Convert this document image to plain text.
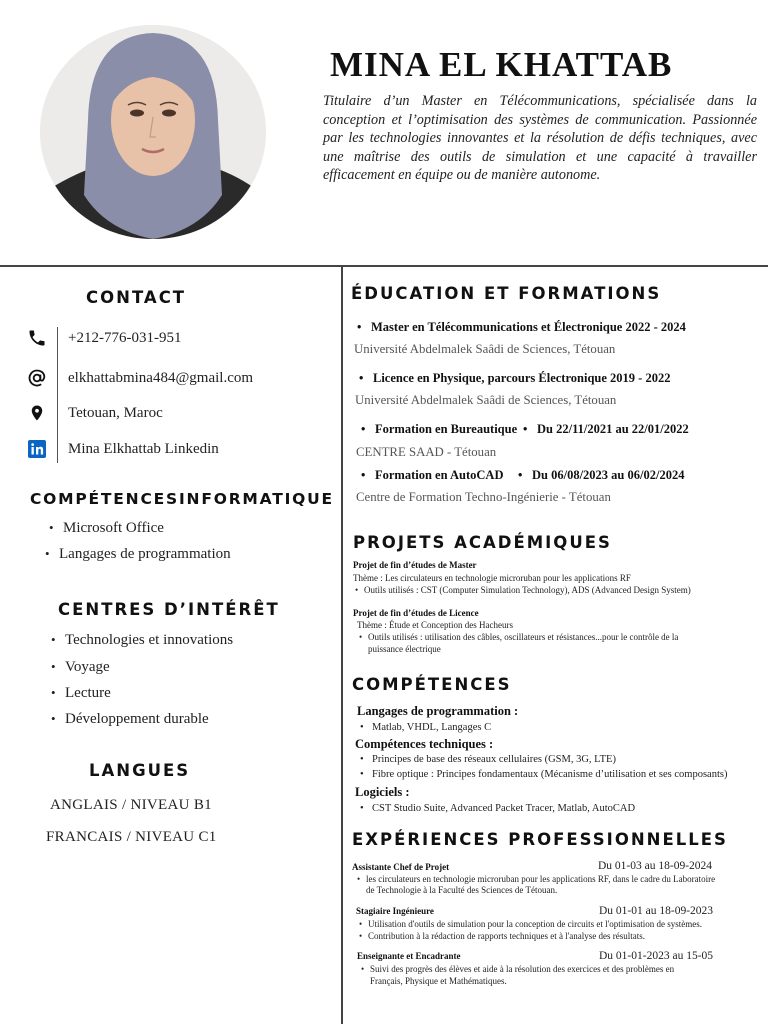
MINA EL KHATTAB
Titulaire d’un Master en Télécommunications, spécialisée dans la conception et l’optimisation des systèmes de communication. Passionnée par les technologies innovantes et la résolution de défis techniques, avec une maîtrise des outils de simulation et une capacité à travailler efficacement en équipe ou de manière autonome.
CONTACT
+212-776-031-951
elkhattabmina484@gmail.com
Tetouan, Maroc
Mina Elkhattab Linkedin
COMPÉTENCESINFORMATIQUE
• Microsoft Office
• Langages de programmation
CENTRES D’INTÉRÊT
• Technologies et innovations
• Voyage
• Lecture
• Développement durable
LANGUES
ANGLAIS / NIVEAU B1
FRANCAIS / NIVEAU C1
ÉDUCATION ET FORMATIONS
• Master en Télécommunications et Électronique 2022 - 2024
Université Abdelmalek Saâdi de Sciences, Tétouan
• Licence en Physique, parcours Électronique 2019 - 2022
Université Abdelmalek Saâdi de Sciences, Tétouan
• Formation en Bureautique • Du 22/11/2021 au 22/01/2022
CENTRE SAAD - Tétouan
• Formation en AutoCAD • Du 06/08/2023 au 06/02/2024
Centre de Formation Techno-Ingénierie - Tétouan
PROJETS ACADÉMIQUES
Projet de fin d’études de Master
Thème : Les circulateurs en technologie microruban pour les applications RF
• Outils utilisés : CST (Computer Simulation Technology), ADS (Advanced Design System)
Projet de fin d’études de Licence
Thème : Étude et Conception des Hacheurs
• Outils utilisés : utilisation des câbles, oscillateurs et résistances...pour le contrôle de la
puissance électrique
COMPÉTENCES
Langages de programmation :
• Matlab, VHDL, Langages C
Compétences techniques :
• Principes de base des réseaux cellulaires (GSM, 3G, LTE)
• Fibre optique : Principes fondamentaux (Mécanisme d’utilisation et ses composants)
Logiciels :
• CST Studio Suite, Advanced Packet Tracer, Matlab, AutoCAD
EXPÉRIENCES PROFESSIONNELLES
Assistante Chef de Projet	Du 01-03 au 18-09-2024
• les circulateurs en technologie microruban pour les applications RF, dans le cadre du Laboratoire
de Technologie à la Faculté des Sciences de Tétouan.
Stagiaire Ingénieure	Du 01-01 au 18-09-2023
• Utilisation d'outils de simulation pour la conception de circuits et l'optimisation de systèmes.
• Contribution à la rédaction de rapports techniques et à l'analyse des résultats.
Enseignante et Encadrante	Du 01-01-2023 au 15-05
• Suivi des progrès des élèves et aide à la résolution des exercices et des problèmes en
Français, Physique et Mathématiques.
